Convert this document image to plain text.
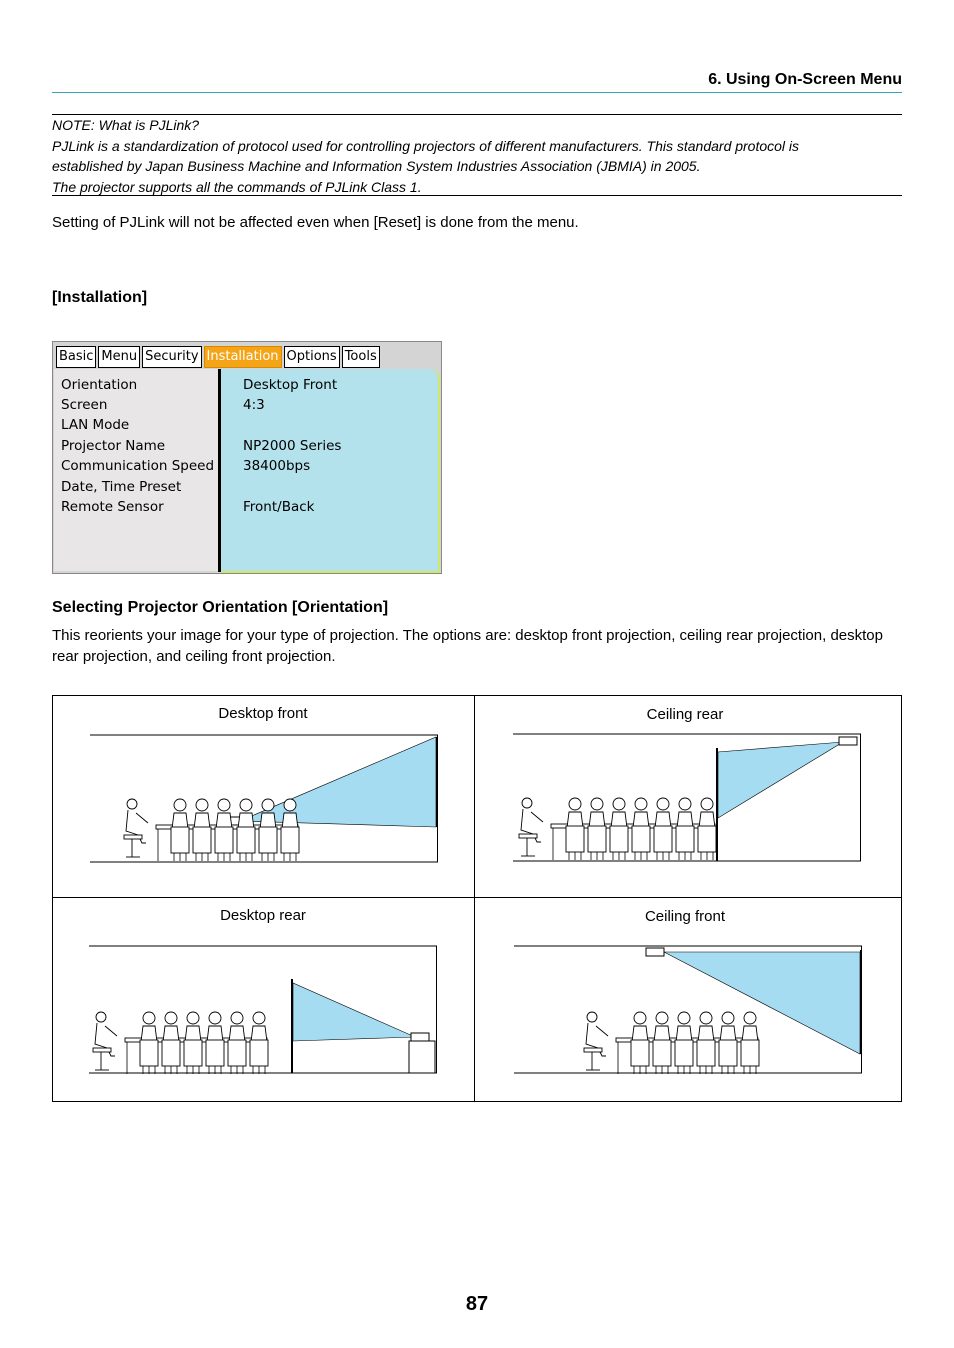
6. Using On-Screen Menu
NOTE: What is PJLink?
PJLink is a standardization of protocol used for controlling projectors of different manufacturers. This standard protocol is
established by Japan Business Machine and Information System Industries Association (JBMIA) in 2005.
The projector supports all the commands of PJLink Class 1.
Setting of PJLink will not be affected even when [Reset] is done from the menu.
[Installation]
Basic Menu Security Installation Options Tools
Orientation
Screen
LAN Mode
Projector Name
Communication Speed
Date, Time Preset
Remote Sensor
Desktop Front
4:3
NP2000 Series
38400bps
Front/Back
Selecting Projector Orientation [Orientation]
This reorients your image for your type of projection. The options are: desktop front projection, ceiling rear projection, desktop rear projection, and ceiling front projection.
Desktop front	Ceiling rear
Desktop rear	Ceiling front
87
